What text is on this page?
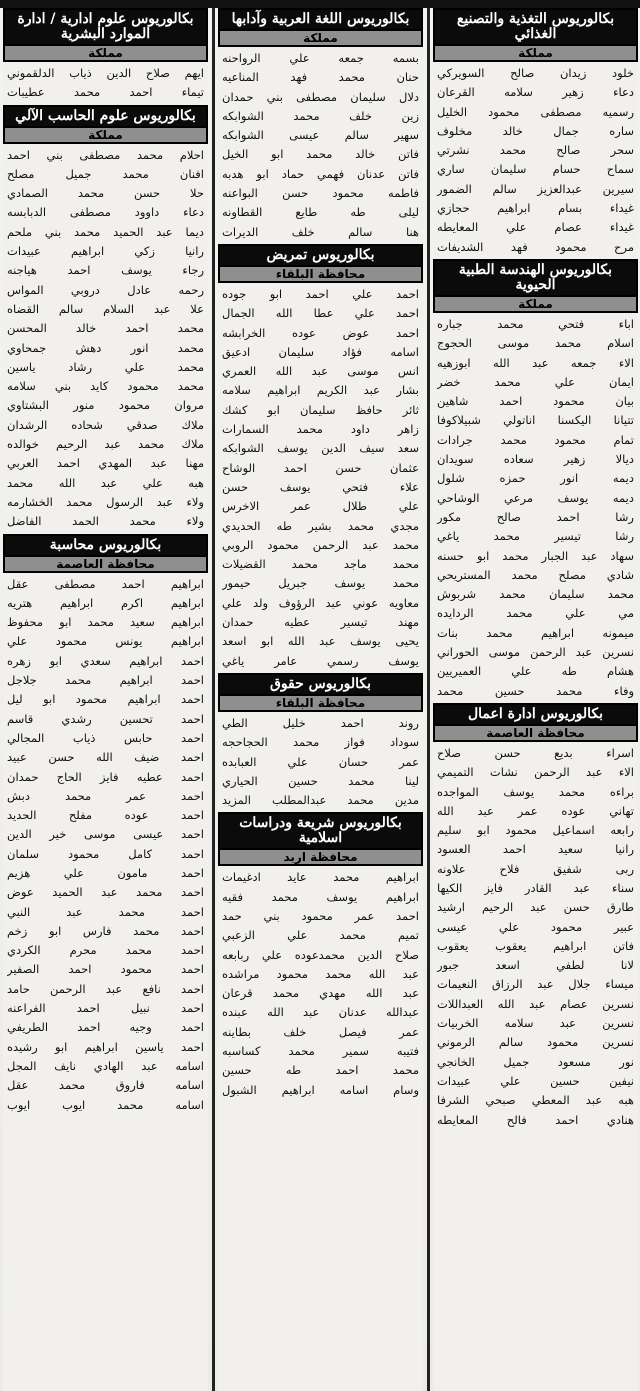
بكالوريوس التغذية والتصنيع الغذائي
مملكة
خلود زيدان صالح السويركي
دعاء زهير سلامه القرعان
رسميه مصطفى محمود الخليل
ساره جمال خالد مخلوف
سحر صالح محمد نشرتي
سماح حسام سليمان ساري
سيرين عبدالعزيز سالم الضمور
غيداء بسام ابراهيم حجازي
غيداء عصام علي المعايطه
مرح محمود فهد الشديفات
بكالوريوس الهندسة الطبية الحيوية
مملكة
اباء فتحي محمد جباره
اسلام محمد موسى الحجوج
الاء جمعه عبد الله ابوزهيه
ايمان علي محمد خضر
بيان محمود احمد شاهين
تتيانا اليكسنا اناتولي شبيلاكوفا
تمام محمود محمد جرادات
ديالا زهير سعاده سويدان
ديمه انور حمزه شلول
ديمه يوسف مرعي الوشاحي
رشا احمد صالح مكور
رشا تيسير محمد ياغي
سهاد عبد الجبار محمد ابو حسنه
شادي مصلح محمد المستريحي
محمد سليمان محمد شربوش
مي علي محمد الردايده
ميمونه ابراهيم محمد بنات
نسرين عبد الرحمن موسى الحوراني
هشام طه علي العميريين
وفاء محمد حسين محمد
بكالوريوس ادارة اعمال
محافظة العاصمة
اسراء بديع حسن صلاح
الاء عبد الرحمن نشات التميمي
براءه محمد يوسف المواجده
تهاني عوده عمر عبد الله
رابعه اسماعيل محمود ابو سليم
رانيا سعيد احمد العسود
ربى شفيق فلاح علاونه
سناء عبد القادر فايز الكيها
طارق حسن عبد الرحيم ارشيد
عبير محمود علي عيسى
فاتن ابراهيم يعقوب يعقوب
لانا لطفي اسعد جبور
ميساء جلال عبد الرزاق النعيمات
نسرين عصام عبد الله العبداللات
نسرين عبد سلامه الخربيات
نسرين محمود سالم الرموني
نور مسعود جميل الخانجي
نيفين حسين علي عبيدات
هبه عبد المعطي صبحي الشرفا
هنادي احمد فالح المعايطه
بكالوريوس اللغة العربية وآدابها
مملكة
بسمه جمعه علي الرواحنه
حنان محمد فهد المناعيه
دلال سليمان مصطفى بني حمدان
زين خلف محمد الشوابكه
سهير سالم عيسى الشوابكه
فاتن خالد محمد ابو الخيل
فاتن عدنان فهمي حماد ابو هدبه
فاطمه محمود حسن البواعنه
ليلى طه طايع القطاونه
هنا سالم خلف الديرات
بكالوريوس تمريض
محافظة البلقاء
احمد علي احمد ابو جوده
احمد علي عطا الله الجمال
احمد عوض عوده الخرابشه
اسامه فؤاد سليمان ادعيق
انس موسى عبد الله العمري
بشار عبد الكريم ابراهيم سلامه
ثائر حافظ سليمان ابو كشك
زاهر داود محمد السمارات
سعد سيف الدين يوسف الشوابكه
عثمان حسن احمد الوشاح
علاء فتحي يوسف حسن
علي طلال عمر الاخرس
مجدي محمد بشير طه الحديدي
محمد عبد الرحمن محمود الروبي
محمد ماجد محمد القضيلات
محمد يوسف جبريل حيمور
معاويه عوني عبد الرؤوف ولد علي
مهند تيسير عطيه حمدان
يحيى يوسف عبد الله ابو اسعد
يوسف رسمي عامر ياغي
بكالوريوس حقوق
محافظة البلقاء
روند احمد خليل الطي
سوداد فواز محمد الحجاحجه
عمر حسان علي العبابده
لينا محمد حسين الحياري
مدين محمد عبدالمطلب المزيد
بكالوريوس شريعة ودراسات اسلامية
محافظة اربد
ابراهيم محمد عايد ادغيمات
ابراهيم يوسف محمد فقيه
احمد عمر محمود بني حمد
تميم محمد علي الزعبي
صلاح الدين محمدعوده علي ربابعه
عبد الله محمد محمود مراشده
عبد الله مهدي محمد قرعان
عبدالله عدنان عبد الله عبنده
عمر فيصل خلف بطاينه
فتيبه سمير محمد كساسبه
محمد احمد طه حسين
وسام اسامه ابراهيم الشبول
بكالوريوس علوم ادارية / ادارة الموارد البشرية
مملكة
ايهم صلاح الدين ذياب الدلقموني
تيماء احمد محمد عطيبات
بكالوريوس علوم الحاسب الآلي
مملكة
احلام محمد مصطفى بني احمد
افنان محمد جميل مصلح
حلا حسن محمد الصمادي
دعاء داوود مصطفى الدبابسه
ديما عبد الحميد محمد بني ملحم
رانيا زكي ابراهيم عبيدات
رجاء يوسف احمد هياجنه
رحمه عادل دروبي المواس
علا عبد السلام سالم القضاه
محمد احمد خالد المحسن
محمد انور دهش جمحاوي
محمد علي رشاد ياسين
محمد محمود كايد بني سلامه
مروان محمود منور البشتاوي
ملاك صدقي شحاده الرشدان
ملاك محمد عبد الرحيم خوالده
مهنا عبد المهدي احمد العربي
هبه علي عبد الله محمد
ولاء عبد الرسول محمد الخشارمه
ولاء محمد الحمد الفاضل
بكالوريوس محاسبة
محافظة العاصمة
ابراهيم احمد مصطفى عقل
ابراهيم اكرم ابراهيم هتريه
ابراهيم سعيد محمد ابو محفوظ
ابراهيم يونس محمود علي
احمد ابراهيم سعدي ابو زهره
احمد ابراهيم محمد جلاجل
احمد ابراهيم محمود ابو ليل
احمد تحسين رشدي قاسم
احمد حابس ذياب المجالي
احمد ضيف الله حسن عبيد
احمد عطيه فايز الحاج حمدان
احمد عمر محمد دبش
احمد عوده مفلح الحديد
احمد عيسى موسى خير الدين
احمد كامل محمود سلمان
احمد مامون علي هزيم
احمد محمد عبد الحميد عوض
احمد محمد عبد النبي
احمد محمد فارس ابو زخم
احمد محمد محرم الكردي
احمد محمود احمد الصفير
احمد نافع عبد الرحمن حامد
احمد نبيل احمد الفراعنه
احمد وجيه احمد الطريفي
احمد ياسين ابراهيم ابو رشيده
اسامه عبد الهادي نايف المجل
اسامه فاروق محمد عقل
اسامه محمد ايوب ايوب
